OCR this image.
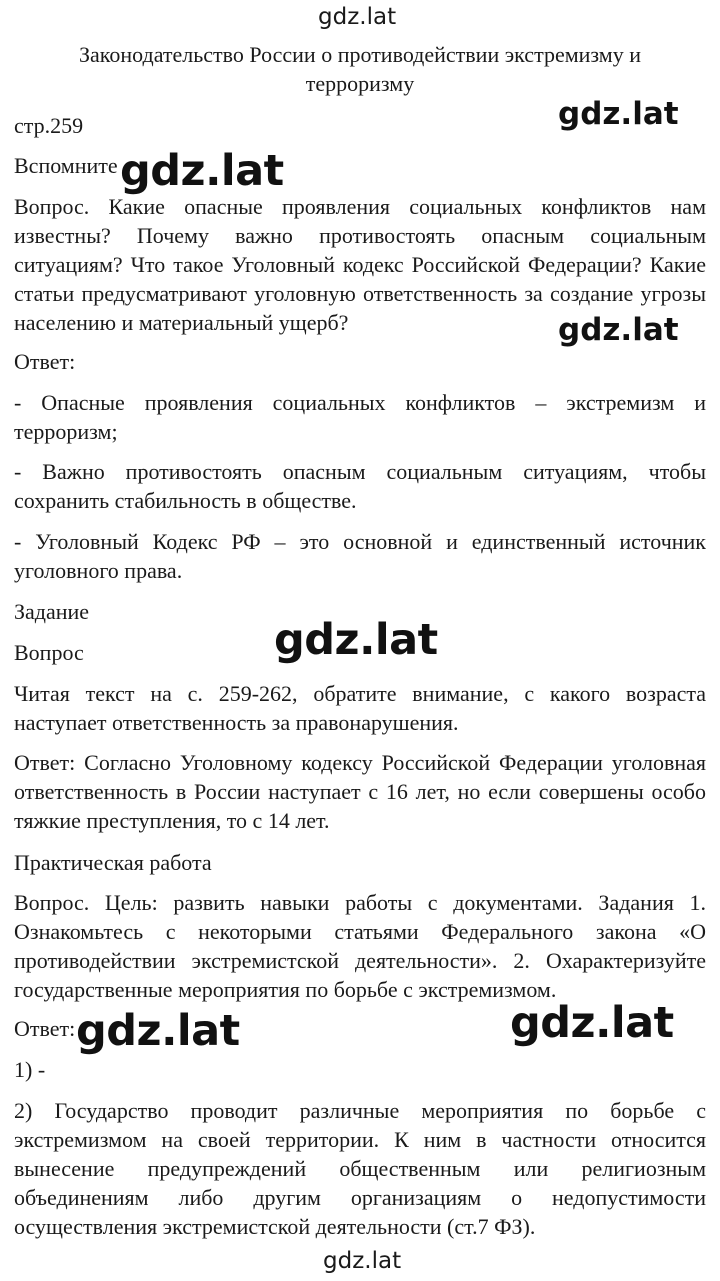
gdz.lat
Законодательство России о противодействии экстремизму и
терроризму

стр.259

Вспомните

Вопрос. Какие опасные проявления социальных конфликтов нам известны? Почему важно противостоять опасным социальным ситуациям? Что такое Уголовный кодекс Российской Федерации? Какие статьи предусматривают уголовную ответственность за создание угрозы населению и материальный ущерб?

Ответ:

- Опасные проявления социальных конфликтов – экстремизм и терроризм;

- Важно противостоять опасным социальным ситуациям, чтобы сохранить стабильность в обществе.

- Уголовный Кодекс РФ – это основной и единственный источник уголовного права.

Задание

Вопрос

Читая текст на с. 259-262, обратите внимание, с какого возраста наступает ответственность за правонарушения.

Ответ: Согласно Уголовному кодексу Российской Федерации уголовная ответственность в России наступает с 16 лет, но если совершены особо тяжкие преступления, то с 14 лет.

Практическая работа

Вопрос. Цель: развить навыки работы с документами. Задания 1. Ознакомьтесь с некоторыми статьями Федерального закона «О противодействии экстремистской деятельности». 2. Охарактеризуйте государственные мероприятия по борьбе с экстремизмом.

Ответ:

1) -

2) Государство проводит различные мероприятия по борьбе с экстремизмом на своей территории. К ним в частности относится вынесение предупреждений общественным или религиозным объединениям либо другим организациям о недопустимости осуществления экстремистской деятельности (ст.7 ФЗ).

gdz.lat
gdz.lat
gdz.lat
gdz.lat
gdz.lat	gdz.lat
gdz.lat
